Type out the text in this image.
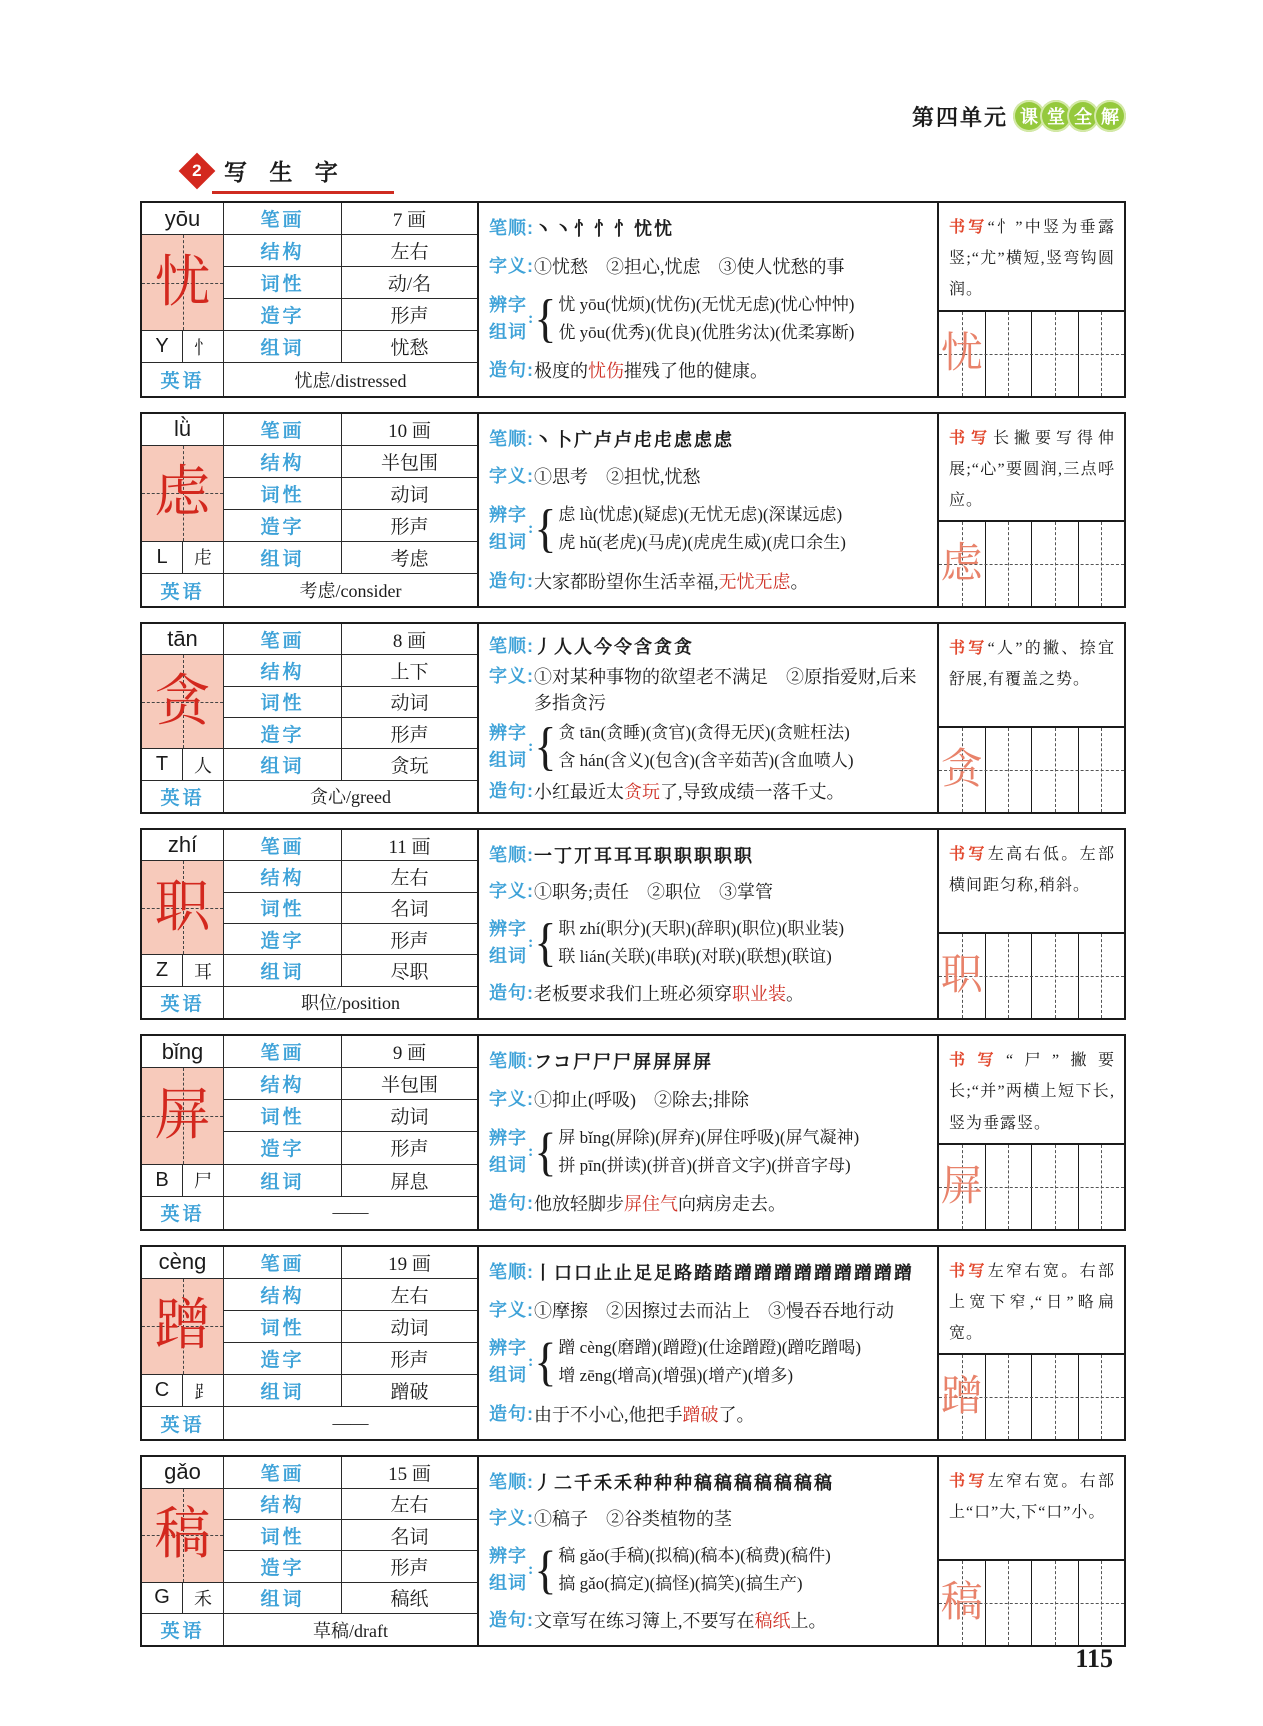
第四单元 课 堂 全 解
2 写 生 字
yōu	笔画	7 画
忧	结构	左右
词性	动/名
造字	形声
Y	忄	组词	忧愁
英语	忧虑/distressed
笔顺: 丶丶忄忄忄忧忧
字义: ①忧愁　②担心,忧虑　③使人忧愁的事
辨字
组词
: { 忧 yōu(忧烦)(忧伤)(无忧无虑)(忧心忡忡)
优 yōu(优秀)(优良)(优胜劣汰)(优柔寡断)
造句: 极度的忧伤摧残了他的健康。
书写“忄”中竖为垂露竖;“尤”横短,竖弯钩圆润。
忧
lǜ	笔画	10 画
虑	结构	半包围
词性	动词
造字	形声
L	虍	组词	考虑
英语	考虑/consider
笔顺: 丶卜广卢卢虍虍虑虑虑
字义: ①思考　②担忧,忧愁
辨字
组词
: { 虑 lǜ(忧虑)(疑虑)(无忧无虑)(深谋远虑)
虎 hǔ(老虎)(马虎)(虎虎生威)(虎口余生)
造句: 大家都盼望你生活幸福,无忧无虑。
书写长撇要写得伸展;“心”要圆润,三点呼应。
虑
tān	笔画	8 画
贪	结构	上下
词性	动词
造字	形声
T	人	组词	贪玩
英语	贪心/greed
笔顺: 丿人人今令含贪贪
字义: ①对某种事物的欲望老不满足　②原指爱财,后来多指贪污
辨字
组词
: { 贪 tān(贪睡)(贪官)(贪得无厌)(贪赃枉法)
含 hán(含义)(包含)(含辛茹苦)(含血喷人)
造句: 小红最近太贪玩了,导致成绩一落千丈。
书写“人”的撇、捺宜舒展,有覆盖之势。
贪
zhí	笔画	11 画
职	结构	左右
词性	名词
造字	形声
Z	耳	组词	尽职
英语	职位/position
笔顺: 一丁丌耳耳耳职职职职职
字义: ①职务;责任　②职位　③掌管
辨字
组词
: { 职 zhí(职分)(天职)(辞职)(职位)(职业装)
联 lián(关联)(串联)(对联)(联想)(联谊)
造句: 老板要求我们上班必须穿职业装。
书写左高右低。左部横间距匀称,稍斜。
职
bǐng	笔画	9 画
屏	结构	半包围
词性	动词
造字	形声
B	尸	组词	屏息
英语	——
笔顺: フコ尸尸尸屏屏屏屏
字义: ①抑止(呼吸)　②除去;排除
辨字
组词
: { 屏 bǐng(屏除)(屏弃)(屏住呼吸)(屏气凝神)
拼 pīn(拼读)(拼音)(拼音文字)(拼音字母)
造句: 他放轻脚步屏住气向病房走去。
书写“尸”撇要长;“并”两横上短下长,竖为垂露竖。
屏
cèng	笔画	19 画
蹭	结构	左右
词性	动词
造字	形声
C	⻊	组词	蹭破
英语	——
笔顺: 丨口口止止足足路踏踏蹭蹭蹭蹭蹭蹭蹭蹭蹭
字义: ①摩擦　②因擦过去而沾上　③慢吞吞地行动
辨字
组词
: { 蹭 cèng(磨蹭)(蹭蹬)(仕途蹭蹬)(蹭吃蹭喝)
增 zēng(增高)(增强)(增产)(增多)
造句: 由于不小心,他把手蹭破了。
书写左窄右宽。右部上宽下窄,“日”略扁宽。
蹭
gǎo	笔画	15 画
稿	结构	左右
词性	名词
造字	形声
G	禾	组词	稿纸
英语	草稿/draft
笔顺: 丿二千禾禾种种种稿稿稿稿稿稿稿
字义: ①稿子　②谷类植物的茎
辨字
组词
: { 稿 gǎo(手稿)(拟稿)(稿本)(稿费)(稿件)
搞 gǎo(搞定)(搞怪)(搞笑)(搞生产)
造句: 文章写在练习簿上,不要写在稿纸上。
书写左窄右宽。右部上“口”大,下“口”小。
稿
115
